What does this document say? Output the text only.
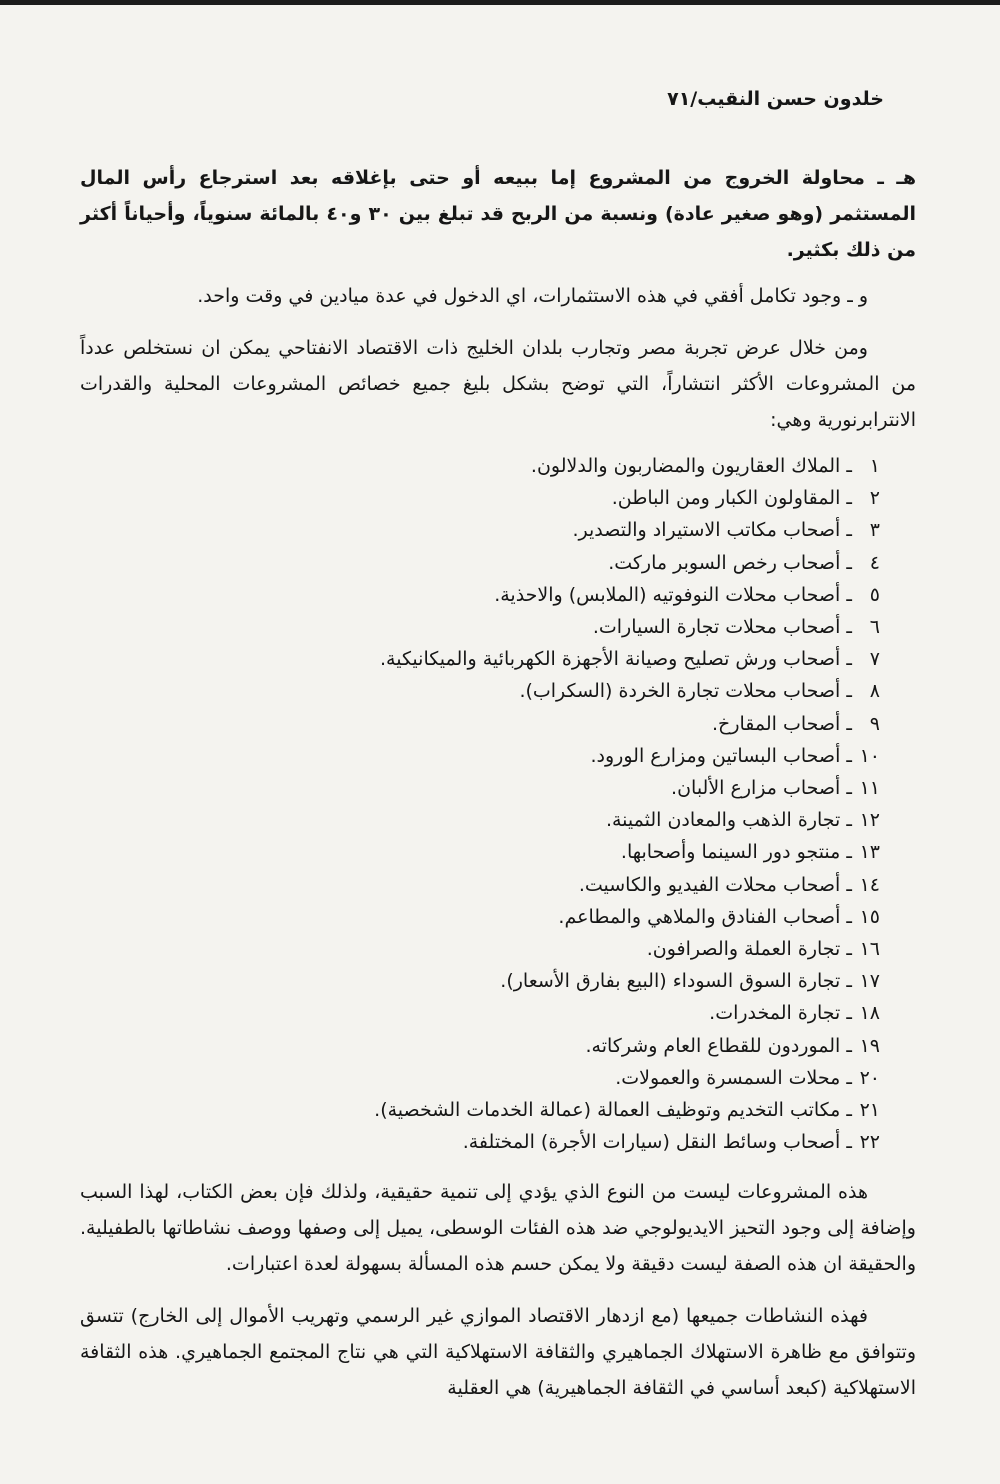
خلدون حسن النقيب/٧١

هـ ـ محاولة الخروج من المشروع إما ببيعه أو حتى بإغلاقه بعد استرجاع رأس المال المستثمر (وهو صغير عادة) ونسبة من الربح قد تبلغ بين ٣٠ و٤٠ بالمائة سنوياً، وأحياناً أكثر من ذلك بكثير.

و ـ وجود تكامل أفقي في هذه الاستثمارات، اي الدخول في عدة ميادين في وقت واحد.

ومن خلال عرض تجربة مصر وتجارب بلدان الخليج ذات الاقتصاد الانفتاحي يمكن ان نستخلص عدداً من المشروعات الأكثر انتشاراً، التي توضح بشكل بليغ جميع خصائص المشروعات المحلية والقدرات الانترابرنورية وهي:

١ ـ الملاك العقاريون والمضاربون والدلالون.
٢ ـ المقاولون الكبار ومن الباطن.
٣ ـ أصحاب مكاتب الاستيراد والتصدير.
٤ ـ أصحاب رخص السوبر ماركت.
٥ ـ أصحاب محلات النوفوتيه (الملابس) والاحذية.
٦ ـ أصحاب محلات تجارة السيارات.
٧ ـ أصحاب ورش تصليح وصيانة الأجهزة الكهربائية والميكانيكية.
٨ ـ أصحاب محلات تجارة الخردة (السكراب).
٩ ـ أصحاب المقارخ.
١٠ ـ أصحاب البساتين ومزارع الورود.
١١ ـ أصحاب مزارع الألبان.
١٢ ـ تجارة الذهب والمعادن الثمينة.
١٣ ـ منتجو دور السينما وأصحابها.
١٤ ـ أصحاب محلات الفيديو والكاسيت.
١٥ ـ أصحاب الفنادق والملاهي والمطاعم.
١٦ ـ تجارة العملة والصرافون.
١٧ ـ تجارة السوق السوداء (البيع بفارق الأسعار).
١٨ ـ تجارة المخدرات.
١٩ ـ الموردون للقطاع العام وشركاته.
٢٠ ـ محلات السمسرة والعمولات.
٢١ ـ مكاتب التخديم وتوظيف العمالة (عمالة الخدمات الشخصية).
٢٢ ـ أصحاب وسائط النقل (سيارات الأجرة) المختلفة.

هذه المشروعات ليست من النوع الذي يؤدي إلى تنمية حقيقية، ولذلك فإن بعض الكتاب، لهذا السبب وإضافة إلى وجود التحيز الايديولوجي ضد هذه الفئات الوسطى، يميل إلى وصفها ووصف نشاطاتها بالطفيلية. والحقيقة ان هذه الصفة ليست دقيقة ولا يمكن حسم هذه المسألة بسهولة لعدة اعتبارات.

فهذه النشاطات جميعها (مع ازدهار الاقتصاد الموازي غير الرسمي وتهريب الأموال إلى الخارج) تتسق وتتوافق مع ظاهرة الاستهلاك الجماهيري والثقافة الاستهلاكية التي هي نتاج المجتمع الجماهيري. هذه الثقافة الاستهلاكية (كبعد أساسي في الثقافة الجماهيرية) هي العقلية
